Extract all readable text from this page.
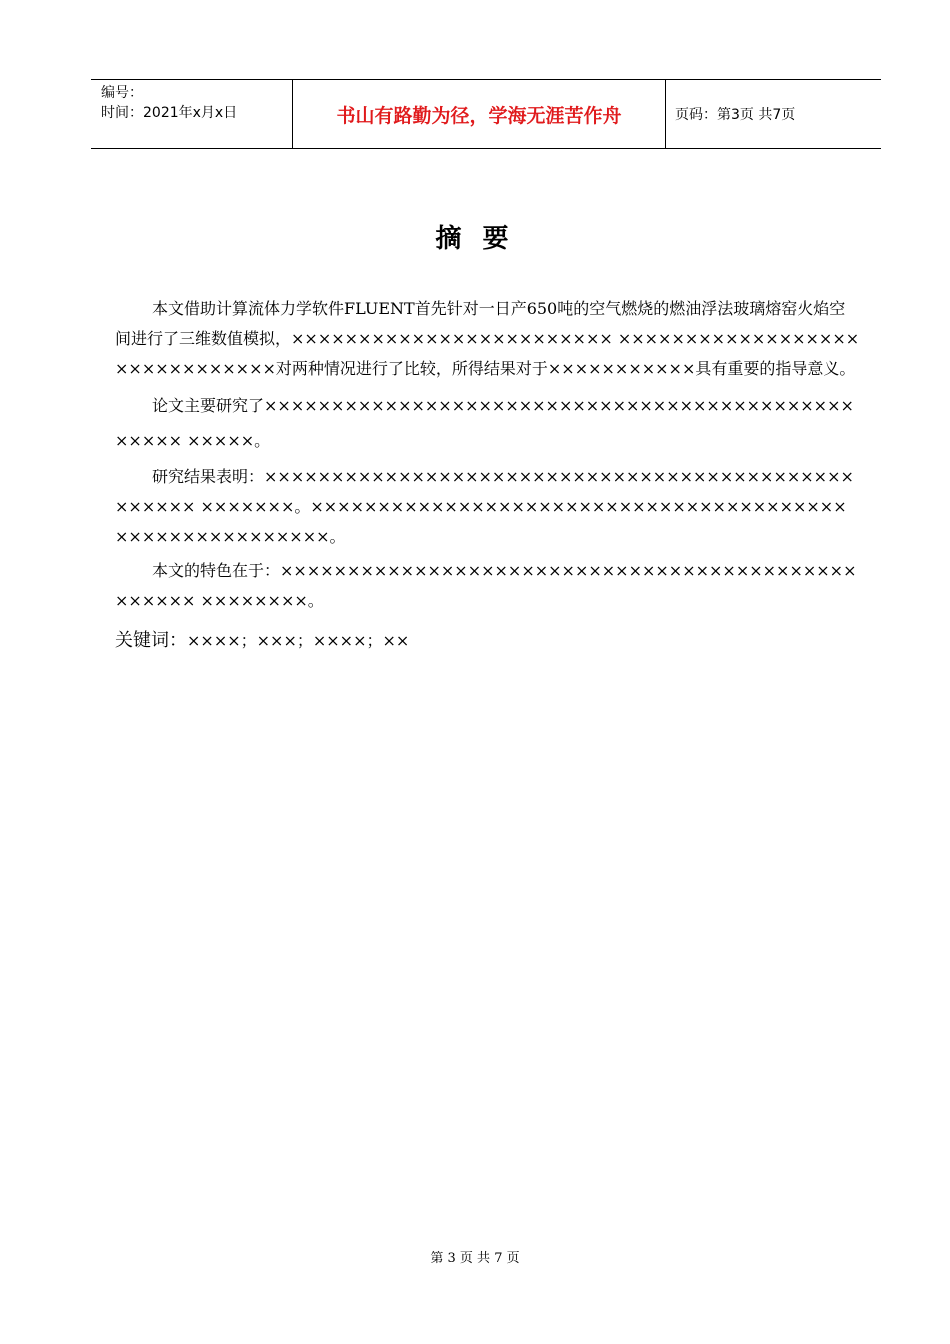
编号：
时间：2021年x月x日	书山有路勤为径，学海无涯苦作舟	页码：第3页 共7页
摘 要

本文借助计算流体力学软件FLUENT首先针对一日产650吨的空气燃烧的燃油浮法玻璃熔窑火焰空间进行了三维数值模拟，×××××××××××××××××××××××× ××××××××××××××××××××××××××××××对两种情况进行了比较，所得结果对于×××××××××××具有重要的指导意义。

论文主要研究了××××××××××××××××××××××××××××××××××××××××××××××××× ×××××。

研究结果表明：×××××××××××××××××××××××××××××××××××××××××××××××××× ×××××××。××××××××××××××××××××××××××××××××××××××××××××××××××××××××。

本文的特色在于：××××××××××××××××××××××××××××××××××××××××××××××××× ××××××××。

关键词：××××；×××；××××；××
第 3 页 共 7 页
